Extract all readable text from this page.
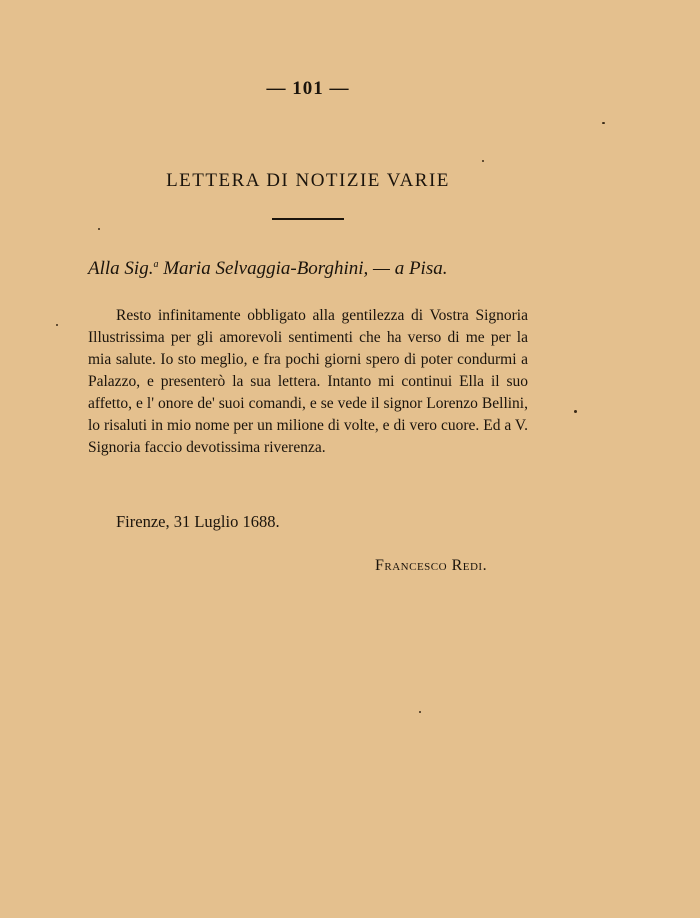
— 101 —
LETTERA DI NOTIZIE VARIE
Alla Sig.$^a$ Maria Selvaggia-Borghini, — a Pisa.

Resto infinitamente obbligato alla gentilezza di Vostra Signoria Illustrissima per gli amorevoli sentimenti che ha verso di me per la mia salute. Io sto meglio, e fra pochi giorni spero di poter condurmi a Palazzo, e presenterò la sua lettera. Intanto mi continui Ella il suo affetto, e l' onore de' suoi comandi, e se vede il signor Lorenzo Bellini, lo risaluti in mio nome per un milione di volte, e di vero cuore. Ed a V. Signoria faccio devotissima riverenza.

Firenze, 31 Luglio 1688.
Francesco Redi.
